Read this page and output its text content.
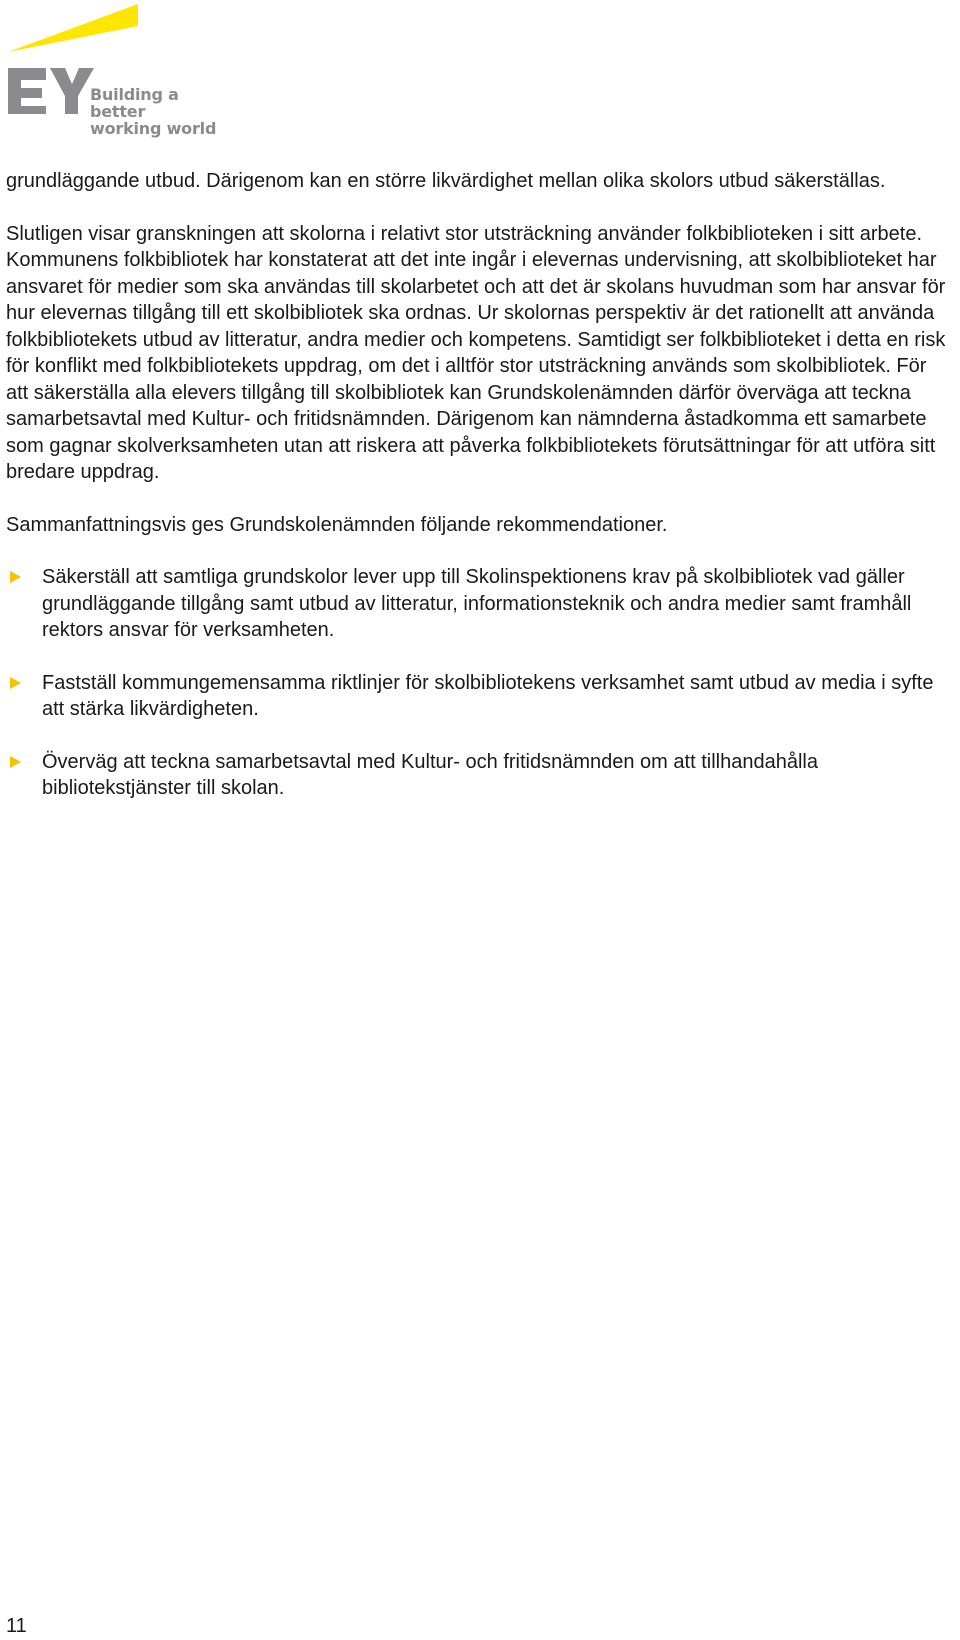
Building a better
working world

grundläggande utbud. Därigenom kan en större likvärdighet mellan olika skolors utbud säkerställas.

Slutligen visar granskningen att skolorna i relativt stor utsträckning använder folkbiblioteken i sitt arbete. Kommunens folkbibliotek har konstaterat att det inte ingår i elevernas undervisning, att skolbiblioteket har ansvaret för medier som ska användas till skolarbetet och att det är skolans huvudman som har ansvar för hur elevernas tillgång till ett skolbibliotek ska ordnas. Ur skolornas perspektiv är det rationellt att använda folkbibliotekets utbud av litteratur, andra medier och kompetens. Samtidigt ser folkbiblioteket i detta en risk för konflikt med folkbibliotekets uppdrag, om det i alltför stor utsträckning används som skolbibliotek. För att säkerställa alla elevers tillgång till skolbibliotek kan Grundskolenämnden därför överväga att teckna samarbetsavtal med Kultur- och fritidsnämnden. Därigenom kan nämnderna åstadkomma ett samarbete som gagnar skolverksamheten utan att riskera att påverka folkbibliotekets förutsättningar för att utföra sitt bredare uppdrag.

Sammanfattningsvis ges Grundskolenämnden följande rekommendationer.

Säkerställ att samtliga grundskolor lever upp till Skolinspektionens krav på skolbibliotek vad gäller grundläggande tillgång samt utbud av litteratur, informationsteknik och andra medier samt framhåll rektors ansvar för verksamheten.
Fastställ kommungemensamma riktlinjer för skolbibliotekens verksamhet samt utbud av media i syfte att stärka likvärdigheten.
Överväg att teckna samarbetsavtal med Kultur- och fritidsnämnden om att tillhandahålla bibliotekstjänster till skolan.
11
